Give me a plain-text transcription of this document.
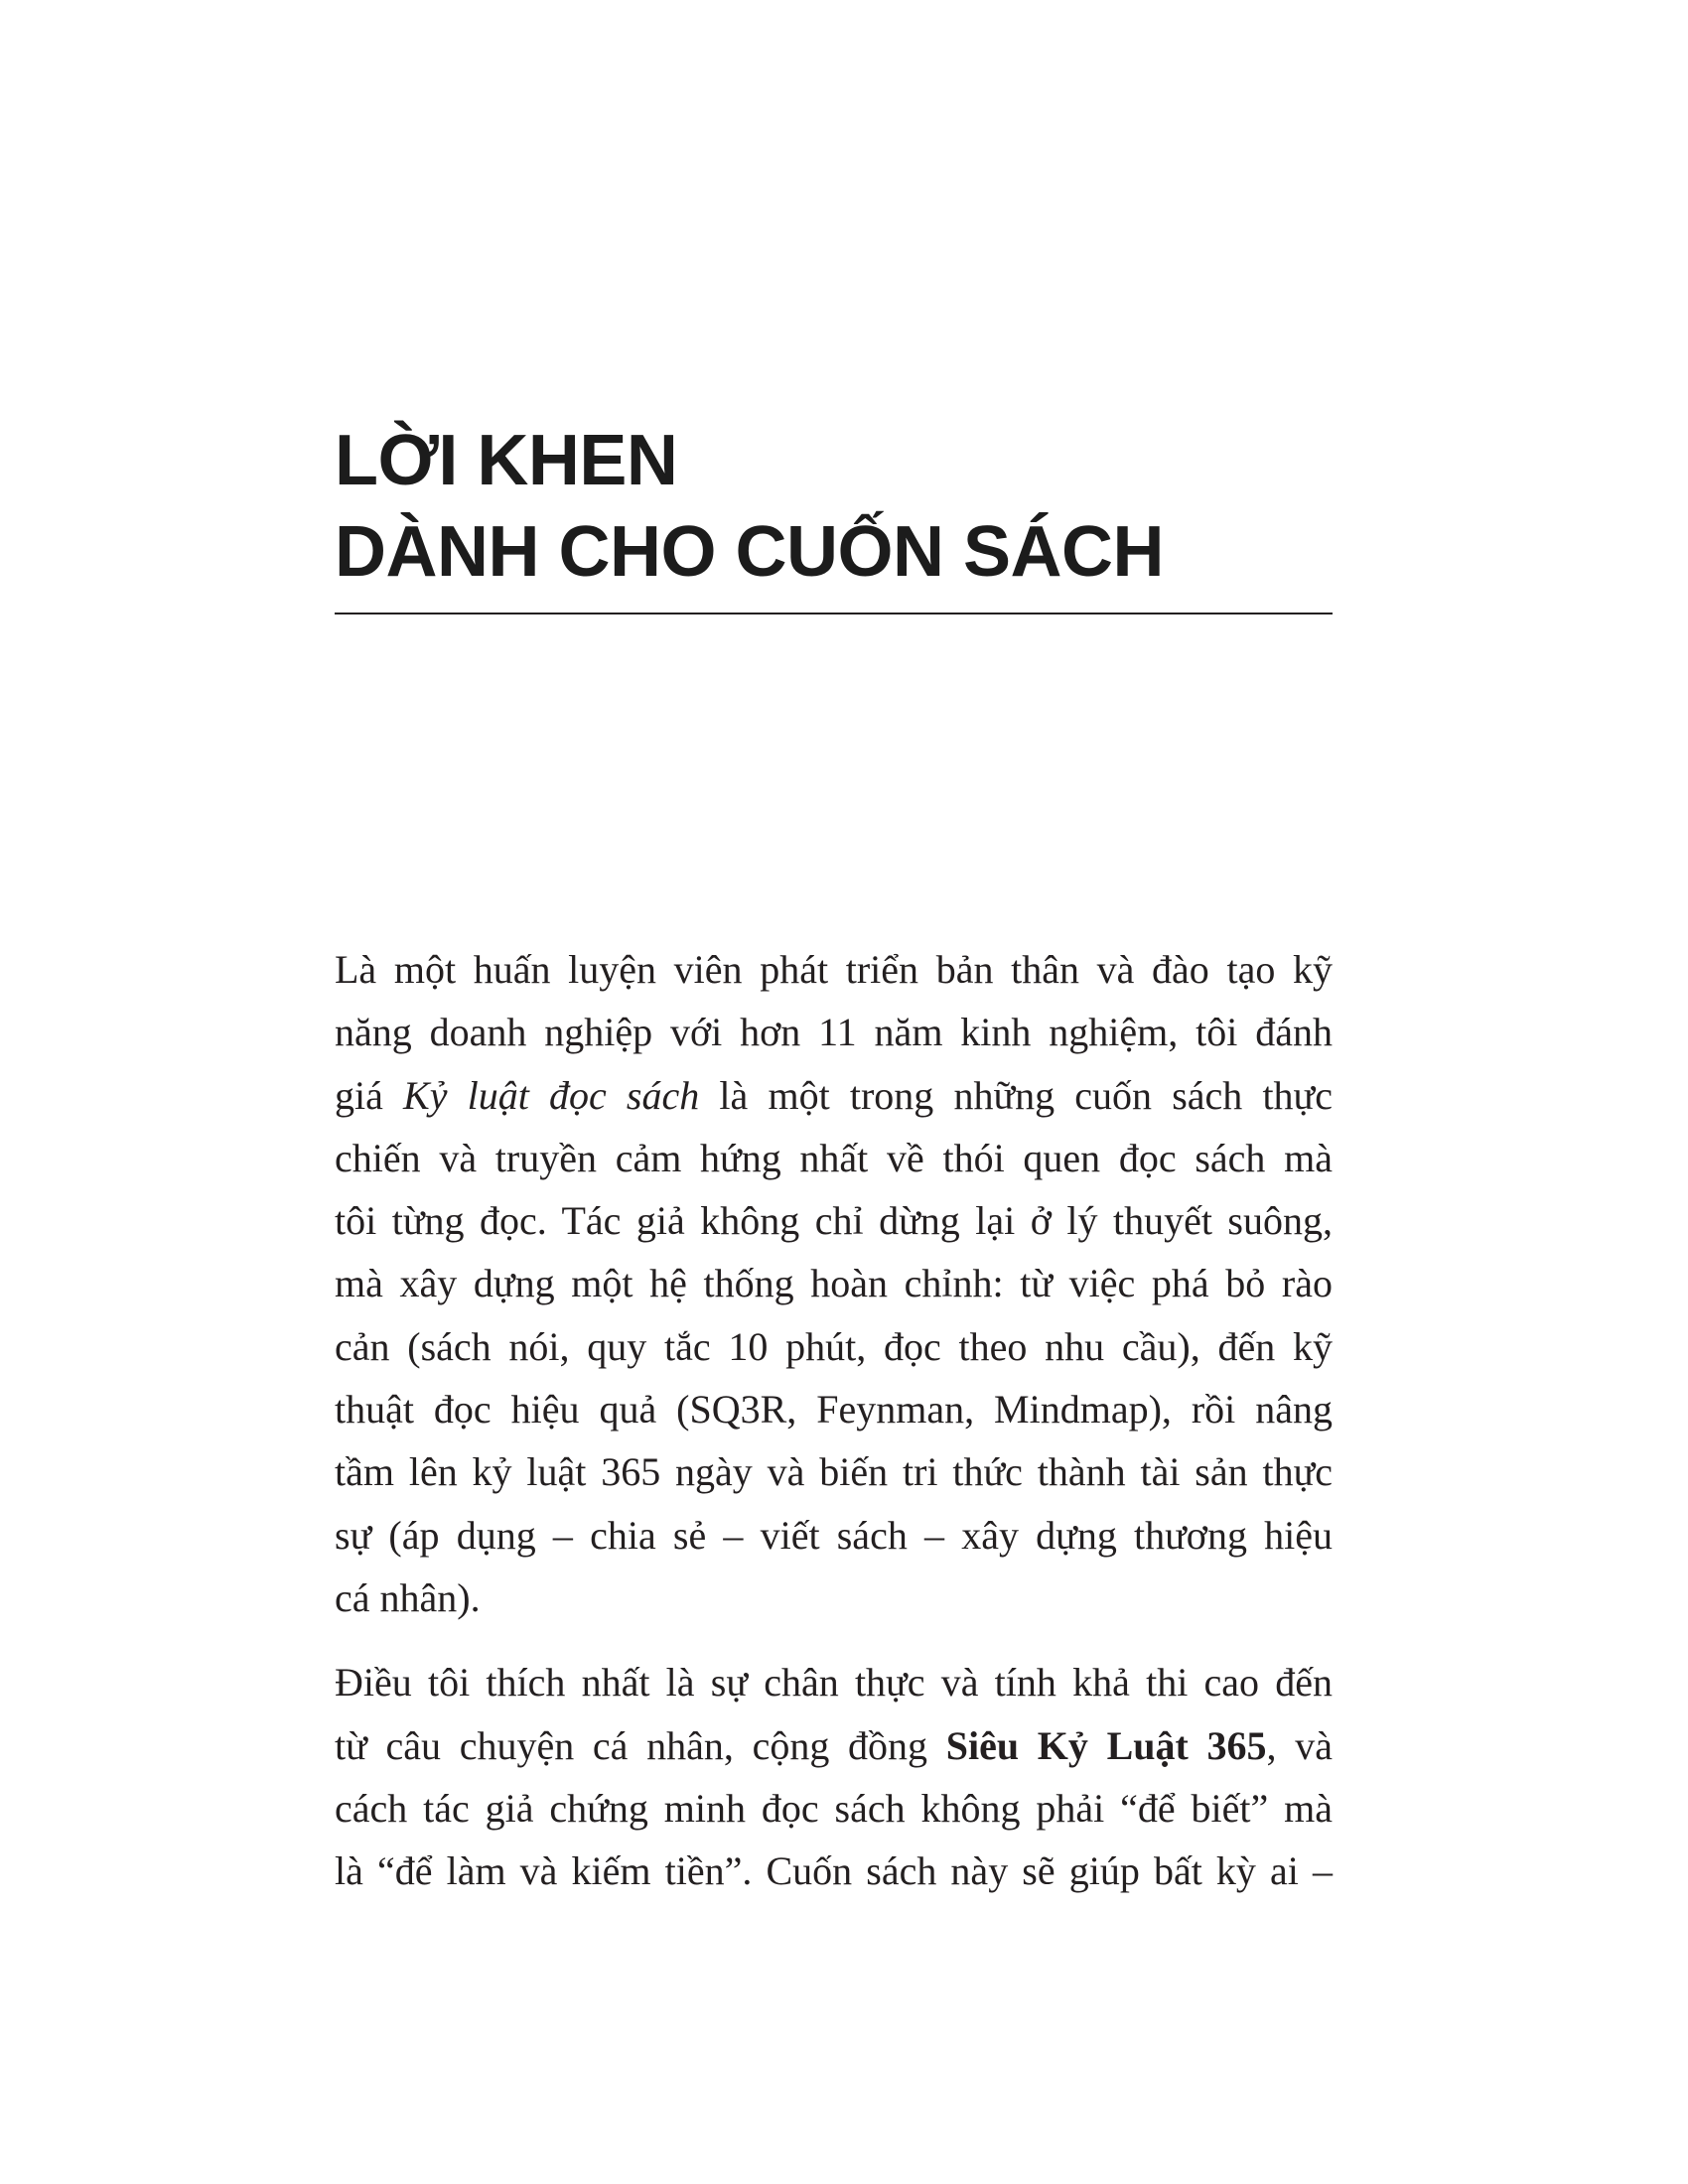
LỜI KHEN
DÀNH CHO CUỐN SÁCH

Là một huấn luyện viên phát triển bản thân và đào tạo kỹ
năng doanh nghiệp với hơn 11 năm kinh nghiệm, tôi đánh
giá Kỷ luật đọc sách là một trong những cuốn sách thực
chiến và truyền cảm hứng nhất về thói quen đọc sách mà
tôi từng đọc. Tác giả không chỉ dừng lại ở lý thuyết suông,
mà xây dựng một hệ thống hoàn chỉnh: từ việc phá bỏ rào
cản (sách nói, quy tắc 10 phút, đọc theo nhu cầu), đến kỹ
thuật đọc hiệu quả (SQ3R, Feynman, Mindmap), rồi nâng
tầm lên kỷ luật 365 ngày và biến tri thức thành tài sản thực
sự (áp dụng – chia sẻ – viết sách – xây dựng thương hiệu
cá nhân).

Điều tôi thích nhất là sự chân thực và tính khả thi cao đến
từ câu chuyện cá nhân, cộng đồng Siêu Kỷ Luật 365, và
cách tác giả chứng minh đọc sách không phải “để biết” mà
là “để làm và kiếm tiền”. Cuốn sách này sẽ giúp bất kỳ ai –
